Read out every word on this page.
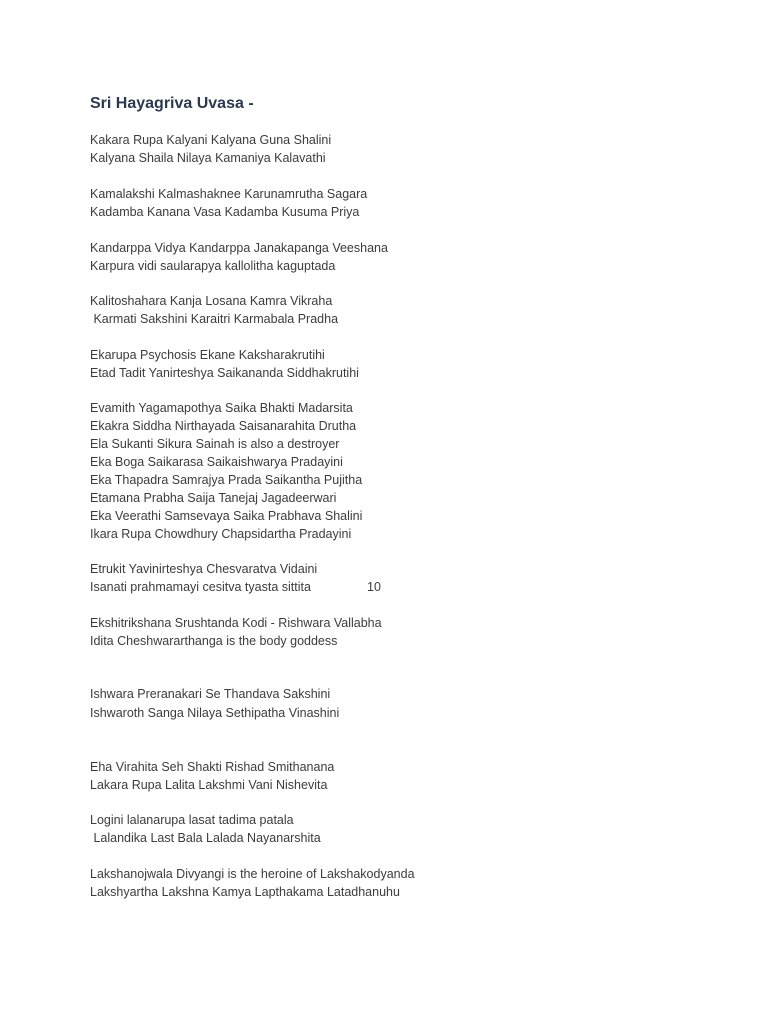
Sri Hayagriva Uvasa -
Kakara Rupa Kalyani Kalyana Guna Shalini
Kalyana Shaila Nilaya Kamaniya Kalavathi
Kamalakshi Kalmashaknee Karunamrutha Sagara
Kadamba Kanana Vasa Kadamba Kusuma Priya
Kandarppa Vidya Kandarppa Janakapanga Veeshana
Karpura vidi saularapya kallolitha kaguptada
Kalitoshahara Kanja Losana Kamra Vikraha
Karmati Sakshini Karaitri Karmabala Pradha
Ekarupa Psychosis Ekane Kaksharakrutihi
Etad Tadit Yanirteshya Saikananda Siddhakrutihi
Evamith Yagamapothya Saika Bhakti Madarsita
Ekakra Siddha Nirthayada Saisanarahita Drutha
Ela Sukanti Sikura Sainah is also a destroyer
Eka Boga Saikarasa Saikaishwarya Pradayini
Eka Thapadra Samrajya Prada Saikantha Pujitha
Etamana Prabha Saija Tanejaj Jagadeerwari
Eka Veerathi Samsevaya Saika Prabhava Shalini
Ikara Rupa Chowdhury Chapsidartha Pradayini
Etrukit Yavinirteshya Chesvaratva Vidaini
Isanati prahmamayi cesitva tyasta sittita	10
Ekshitrikshana Srushtanda Kodi - Rishwara Vallabha
Idita Cheshwararthanga is the body goddess
Ishwara Preranakari Se Thandava Sakshini
Ishwaroth Sanga Nilaya Sethipatha Vinashini
Eha Virahita Seh Shakti Rishad Smithanana
Lakara Rupa Lalita Lakshmi Vani Nishevita
Logini lalanarupa lasat tadima patala
Lalandika Last Bala Lalada Nayanarshita
Lakshanojwala Divyangi is the heroine of Lakshakodyanda
Lakshyartha Lakshna Kamya Lapthakama Latadhanuhu
